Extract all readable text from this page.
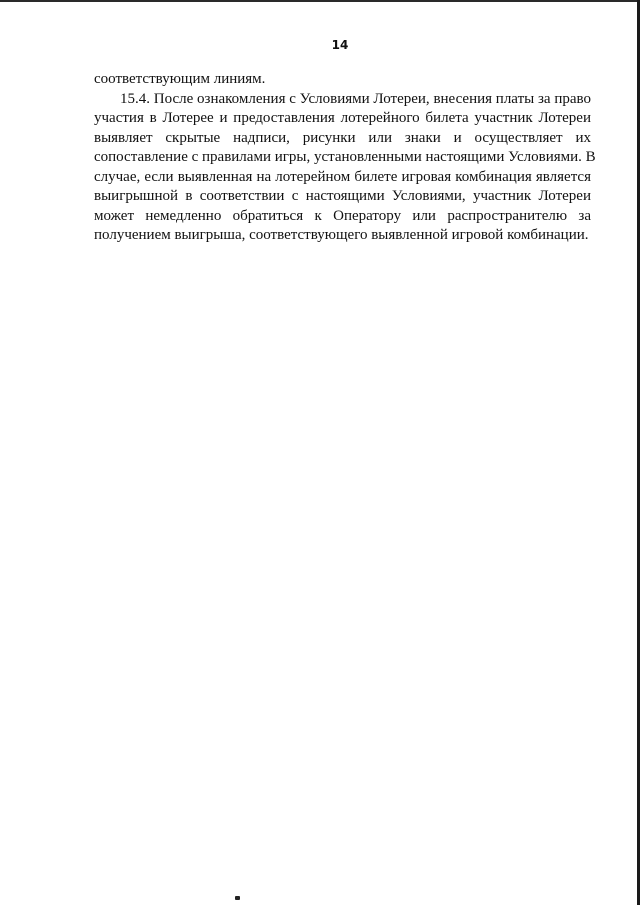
14
соответствующим линиям.
15.4. После ознакомления с Условиями Лотереи, внесения платы за право
участия в Лотерее и предоставления лотерейного билета участник Лотереи
выявляет скрытые надписи, рисунки или знаки и осуществляет их
сопоставление с правилами игры, установленными настоящими Условиями. В
случае, если выявленная на лотерейном билете игровая комбинация является
выигрышной в соответствии с настоящими Условиями, участник Лотереи
может немедленно обратиться к Оператору или распространителю за
получением выигрыша, соответствующего выявленной игровой комбинации.
